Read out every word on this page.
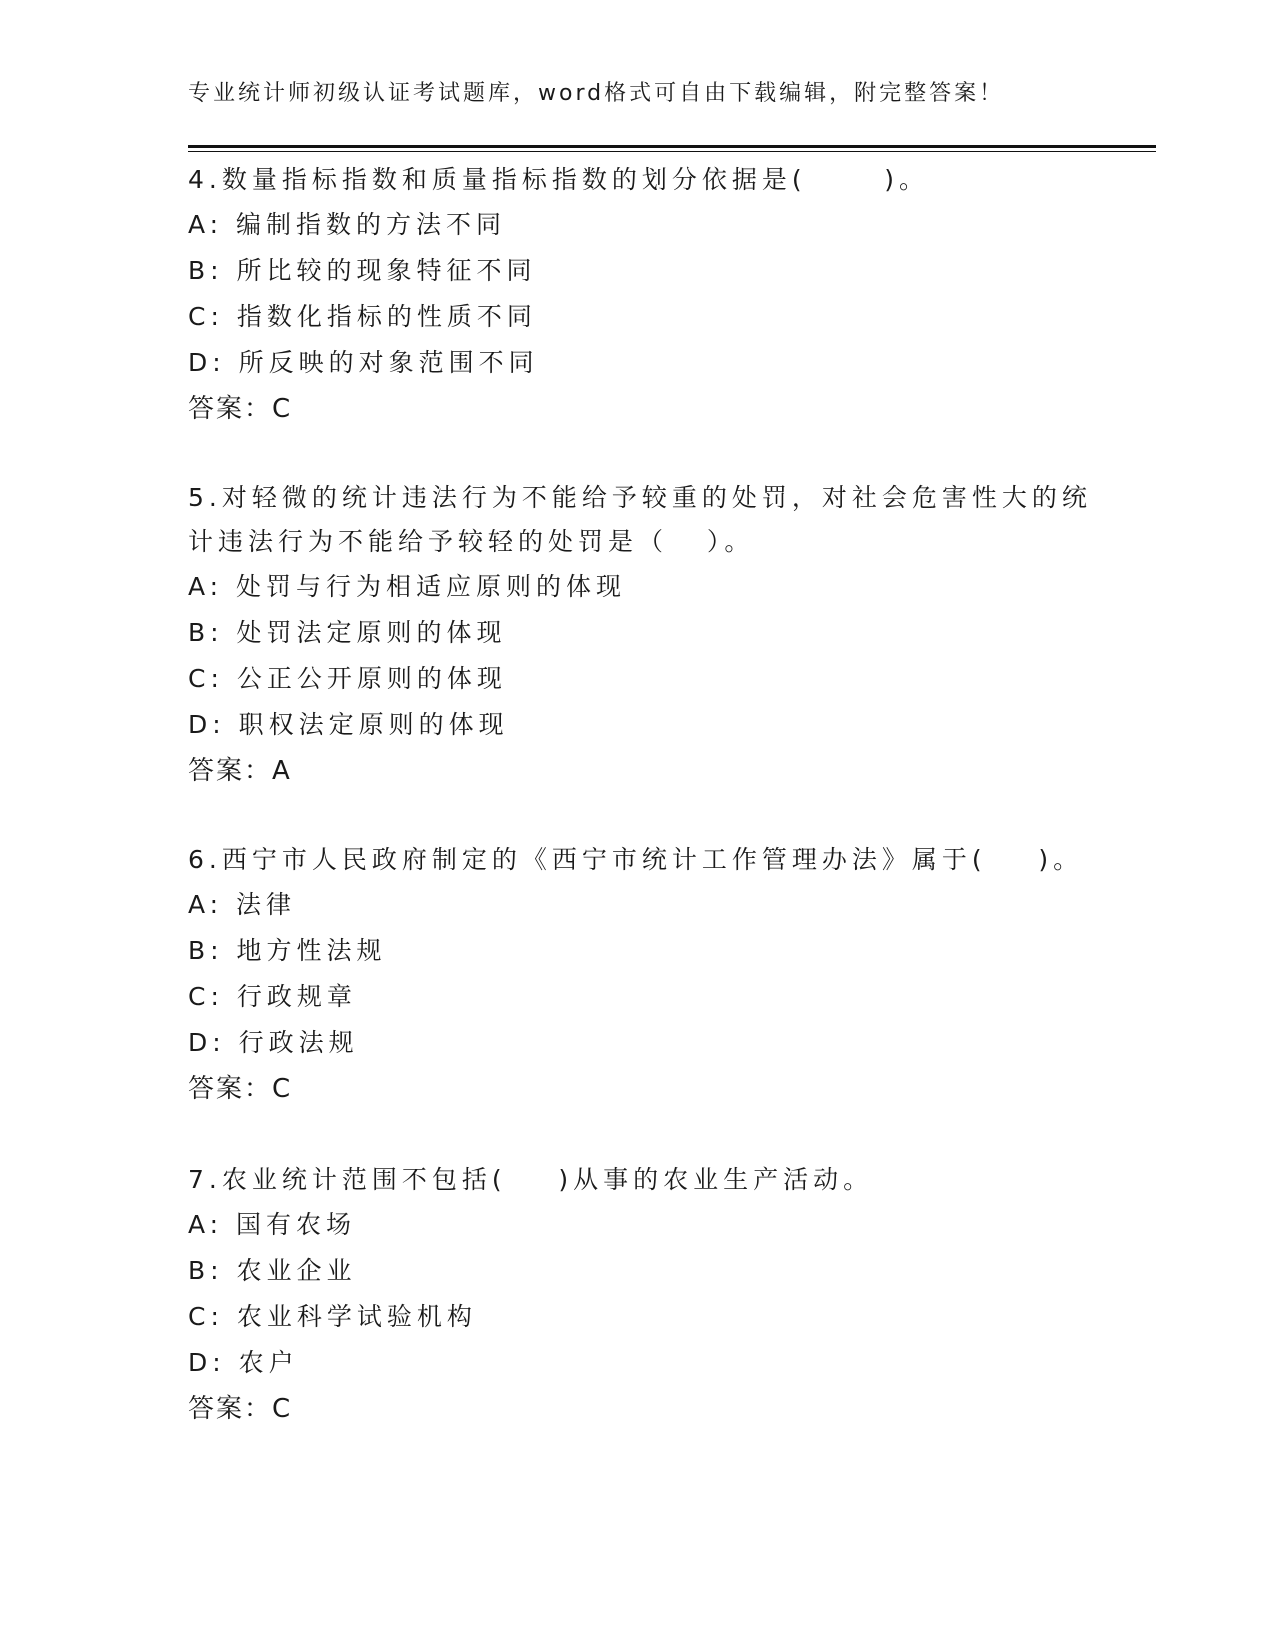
专业统计师初级认证考试题库，word格式可自由下载编辑，附完整答案！
4.数量指标指数和质量指标指数的划分依据是(      )。
A: 编制指数的方法不同
B: 所比较的现象特征不同
C: 指数化指标的性质不同
D: 所反映的对象范围不同
答案：C
5.对轻微的统计违法行为不能给予较重的处罚，对社会危害性大的统
计违法行为不能给予较轻的处罚是（   ）。
A: 处罚与行为相适应原则的体现
B: 处罚法定原则的体现
C: 公正公开原则的体现
D: 职权法定原则的体现
答案：A
6.西宁市人民政府制定的《西宁市统计工作管理办法》属于(    )。
A: 法律
B: 地方性法规
C: 行政规章
D: 行政法规
答案：C
7.农业统计范围不包括(    )从事的农业生产活动。
A: 国有农场
B: 农业企业
C: 农业科学试验机构
D: 农户
答案：C
